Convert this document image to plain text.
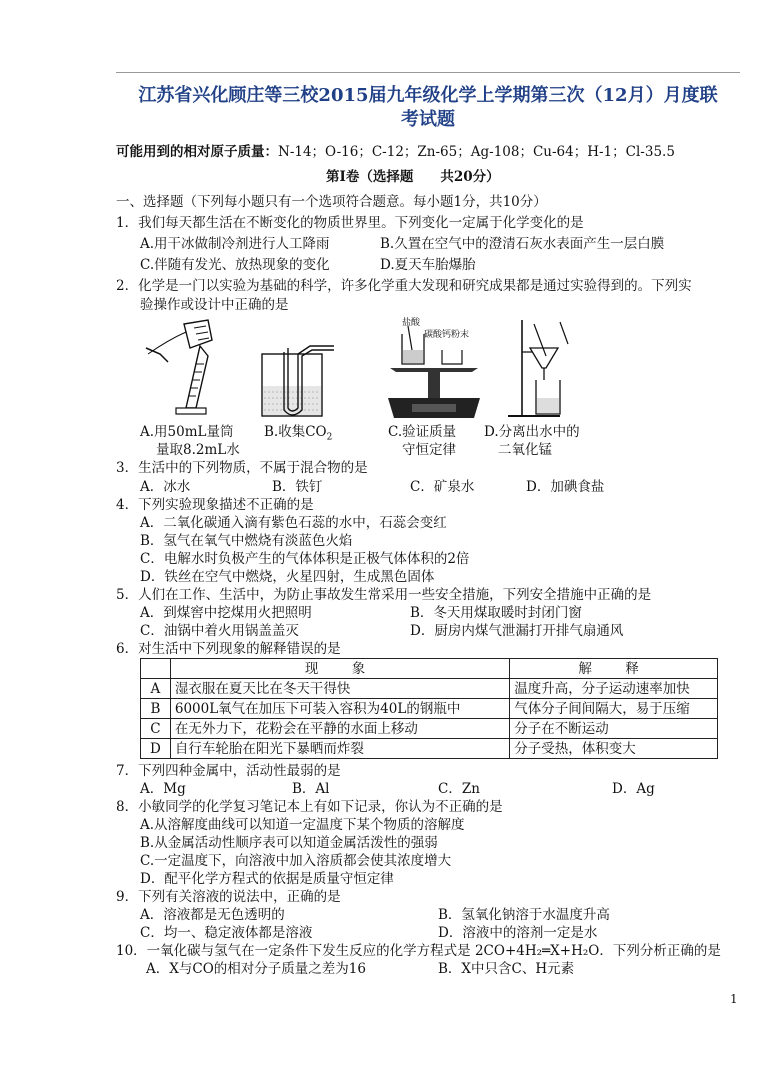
江苏省兴化顾庄等三校2015届九年级化学上学期第三次（12月）月度联
考试题
可能用到的相对原子质量：N-14；O-16；C-12；Zn-65；Ag-108；Cu-64；H-1；Cl-35.5
第Ⅰ卷（选择题　　共20分）
一、选择题（下列每小题只有一个选项符合题意。每小题1分，共10分）
1．我们每天都生活在不断变化的物质世界里。下列变化一定属于化学变化的是
A.用干冰做制冷剂进行人工降雨	B.久置在空气中的澄清石灰水表面产生一层白膜
C.伴随有发光、放热现象的变化	D.夏天车胎爆胎
2．化学是一门以实验为基础的科学，许多化学重大发现和研究成果都是通过实验得到的。下列实
验操作或设计中正确的是
盐酸
碳酸钙粉末
A.用50mL量筒
量取8.2mL水
B.收集$CO_2$	C.验证质量
守恒定律
D.分离出水中的
二氧化锰
3．生活中的下列物质，不属于混合物的是
A．冰水	B．铁钉	C．矿泉水	D．加碘食盐
4．下列实验现象描述不正确的是
A．二氧化碳通入滴有紫色石蕊的水中，石蕊会变红
B．氢气在氧气中燃烧有淡蓝色火焰
C．电解水时负极产生的气体体积是正极气体体积的2倍
D．铁丝在空气中燃烧，火星四射，生成黑色固体
5．人们在工作、生活中，为防止事故发生常采用一些安全措施，下列安全措施中正确的是
A．到煤窖中挖煤用火把照明	B．冬天用煤取暖时封闭门窗
C．油锅中着火用锅盖盖灭	D．厨房内煤气泄漏打开排气扇通风
6．对生活中下列现象的解释错误的是
	现　象	解　释
A	湿衣服在夏天比在冬天干得快	温度升高，分子运动速率加快
B	6000L氧气在加压下可装入容积为40L的钢瓶中	气体分子间间隔大，易于压缩
C	在无外力下，花粉会在平静的水面上移动	分子在不断运动
D	自行车轮胎在阳光下暴晒而炸裂	分子受热，体积变大
7．下列四种金属中，活动性最弱的是
A．Mg	B．Al	C．Zn	D．Ag
8．小敏同学的化学复习笔记本上有如下记录，你认为不正确的是
A.从溶解度曲线可以知道一定温度下某个物质的溶解度
B.从金属活动性顺序表可以知道金属活泼性的强弱
C.一定温度下，向溶液中加入溶质都会使其浓度增大
D．配平化学方程式的依据是质量守恒定律
9．下列有关溶液的说法中，正确的是
A．溶液都是无色透明的	B．氢氧化钠溶于水温度升高
C．均一、稳定液体都是溶液	D．溶液中的溶剂一定是水
10．一氧化碳与氢气在一定条件下发生反应的化学方程式是 2CO+4H₂═X+H₂O．下列分析正确的是
A．X与CO的相对分子质量之差为16	B．X中只含C、H元素
1
